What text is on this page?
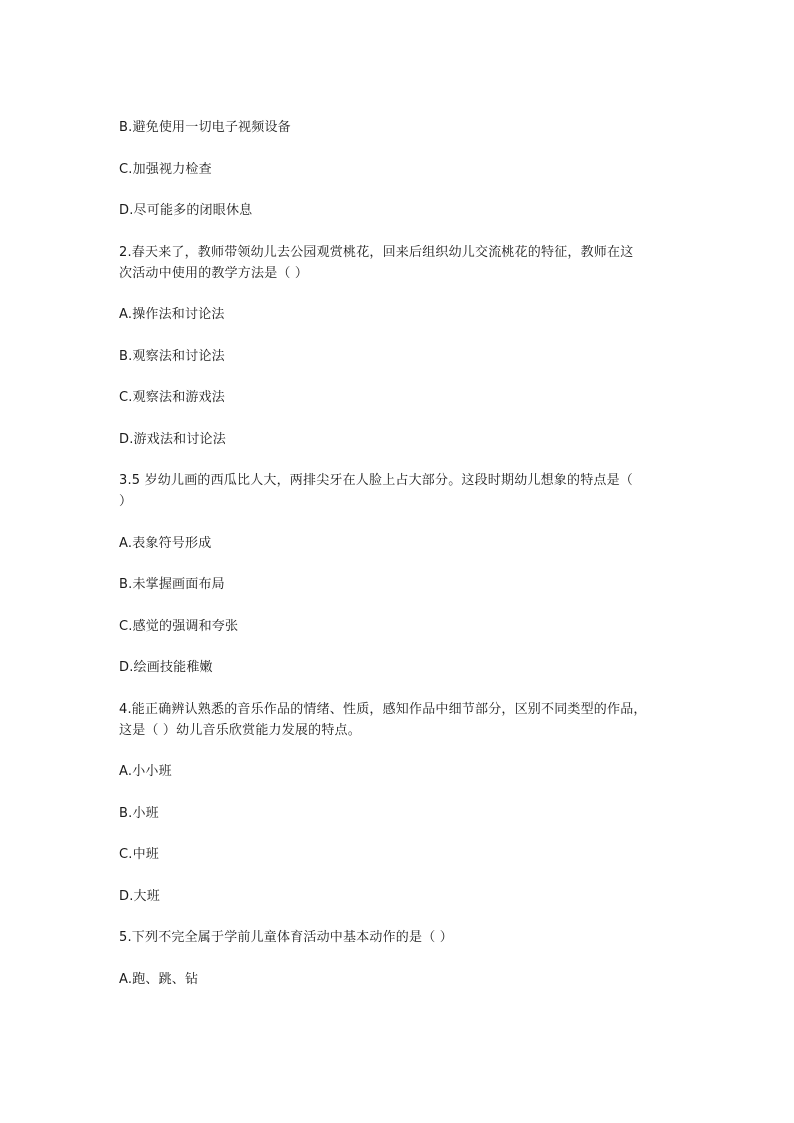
B.避免使用一切电子视频设备
C.加强视力检查
D.尽可能多的闭眼休息
2.春天来了，教师带领幼儿去公园观赏桃花，回来后组织幼儿交流桃花的特征，教师在这
次活动中使用的教学方法是（ ）
A.操作法和讨论法
B.观察法和讨论法
C.观察法和游戏法
D.游戏法和讨论法
3.5 岁幼儿画的西瓜比人大，两排尖牙在人脸上占大部分。这段时期幼儿想象的特点是（
）
A.表象符号形成
B.未掌握画面布局
C.感觉的强调和夸张
D.绘画技能稚嫩
4.能正确辨认熟悉的音乐作品的情绪、性质，感知作品中细节部分，区别不同类型的作品，
这是（ ）幼儿音乐欣赏能力发展的特点。
A.小小班
B.小班
C.中班
D.大班
5.下列不完全属于学前儿童体育活动中基本动作的是（ ）
A.跑、跳、钻
